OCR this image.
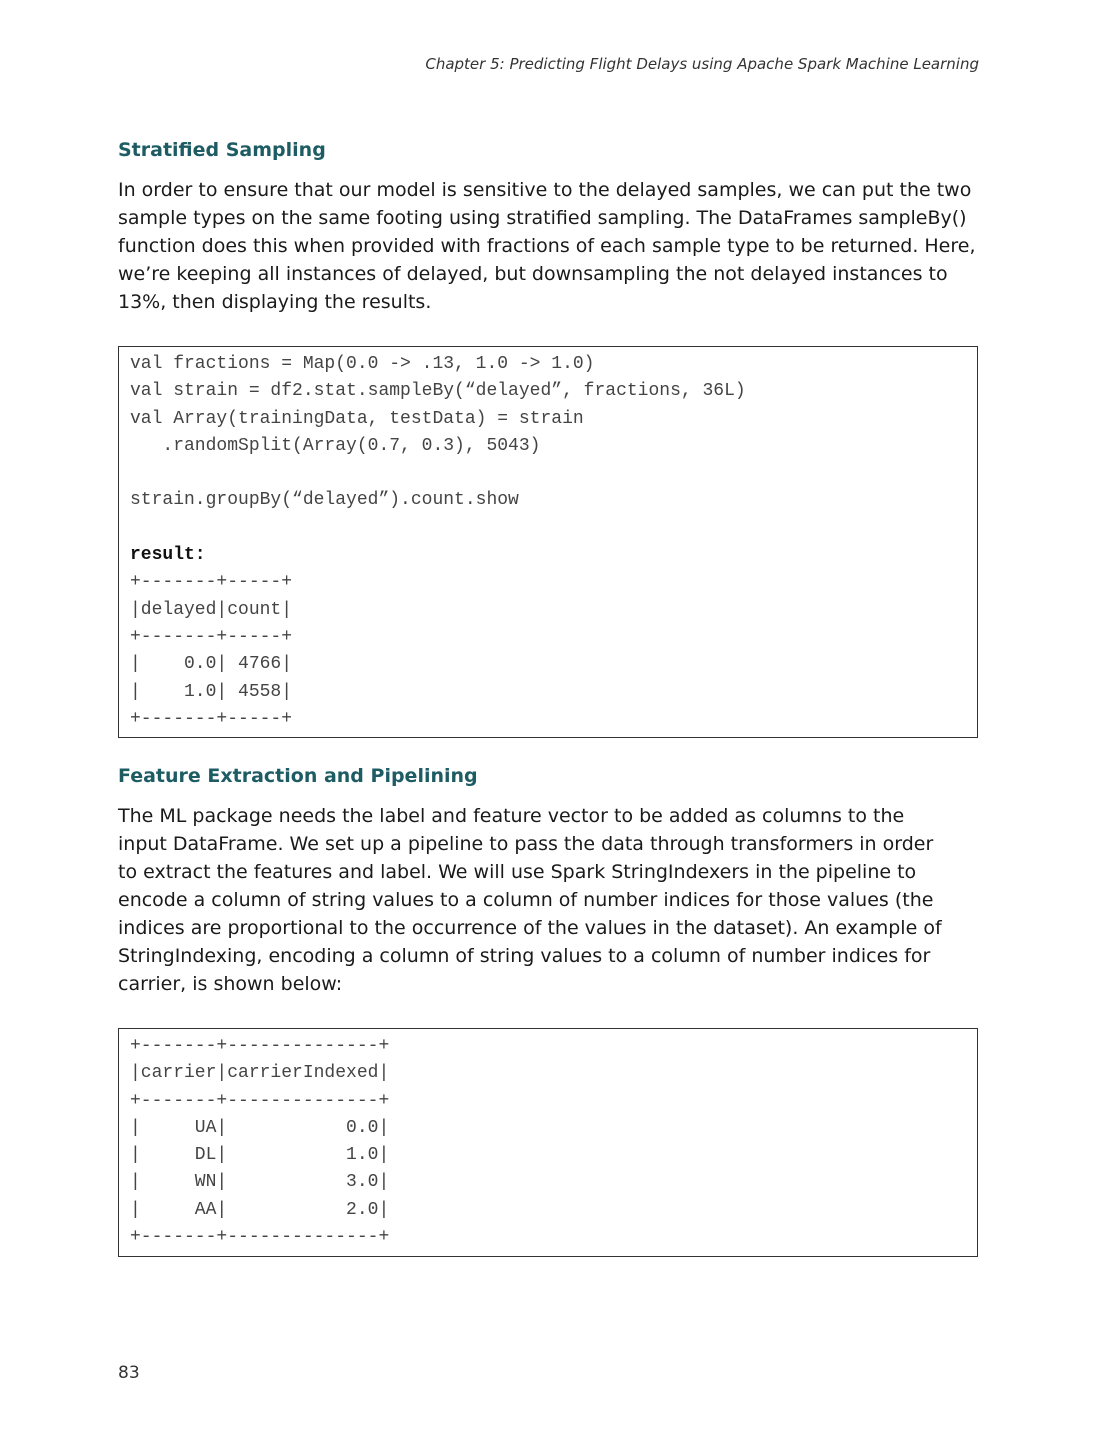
Chapter 5: Predicting Flight Delays using Apache Spark Machine Learning
Stratified Sampling
In order to ensure that our model is sensitive to the delayed samples, we can put the two
sample types on the same footing using stratified sampling. The DataFrames sampleBy()
function does this when provided with fractions of each sample type to be returned. Here,
we’re keeping all instances of delayed, but downsampling the not delayed instances to
13%, then displaying the results.
val fractions = Map(0.0 -> .13, 1.0 -> 1.0)
val strain = df2.stat.sampleBy(“delayed”, fractions, 36L)
val Array(trainingData, testData) = strain
.randomSplit(Array(0.7, 0.3), 5043)
strain.groupBy(“delayed”).count.show
result:
+-------+-----+
|delayed|count|
+-------+-----+
|    0.0| 4766|
|    1.0| 4558|
+-------+-----+
Feature Extraction and Pipelining
The ML package needs the label and feature vector to be added as columns to the
input DataFrame. We set up a pipeline to pass the data through transformers in order
to extract the features and label. We will use Spark StringIndexers in the pipeline to
encode a column of string values to a column of number indices for those values (the
indices are proportional to the occurrence of the values in the dataset). An example of
StringIndexing, encoding a column of string values to a column of number indices for
carrier, is shown below:
+-------+--------------+
|carrier|carrierIndexed|
+-------+--------------+
|     UA|           0.0|
|     DL|           1.0|
|     WN|           3.0|
|     AA|           2.0|
+-------+--------------+
83
